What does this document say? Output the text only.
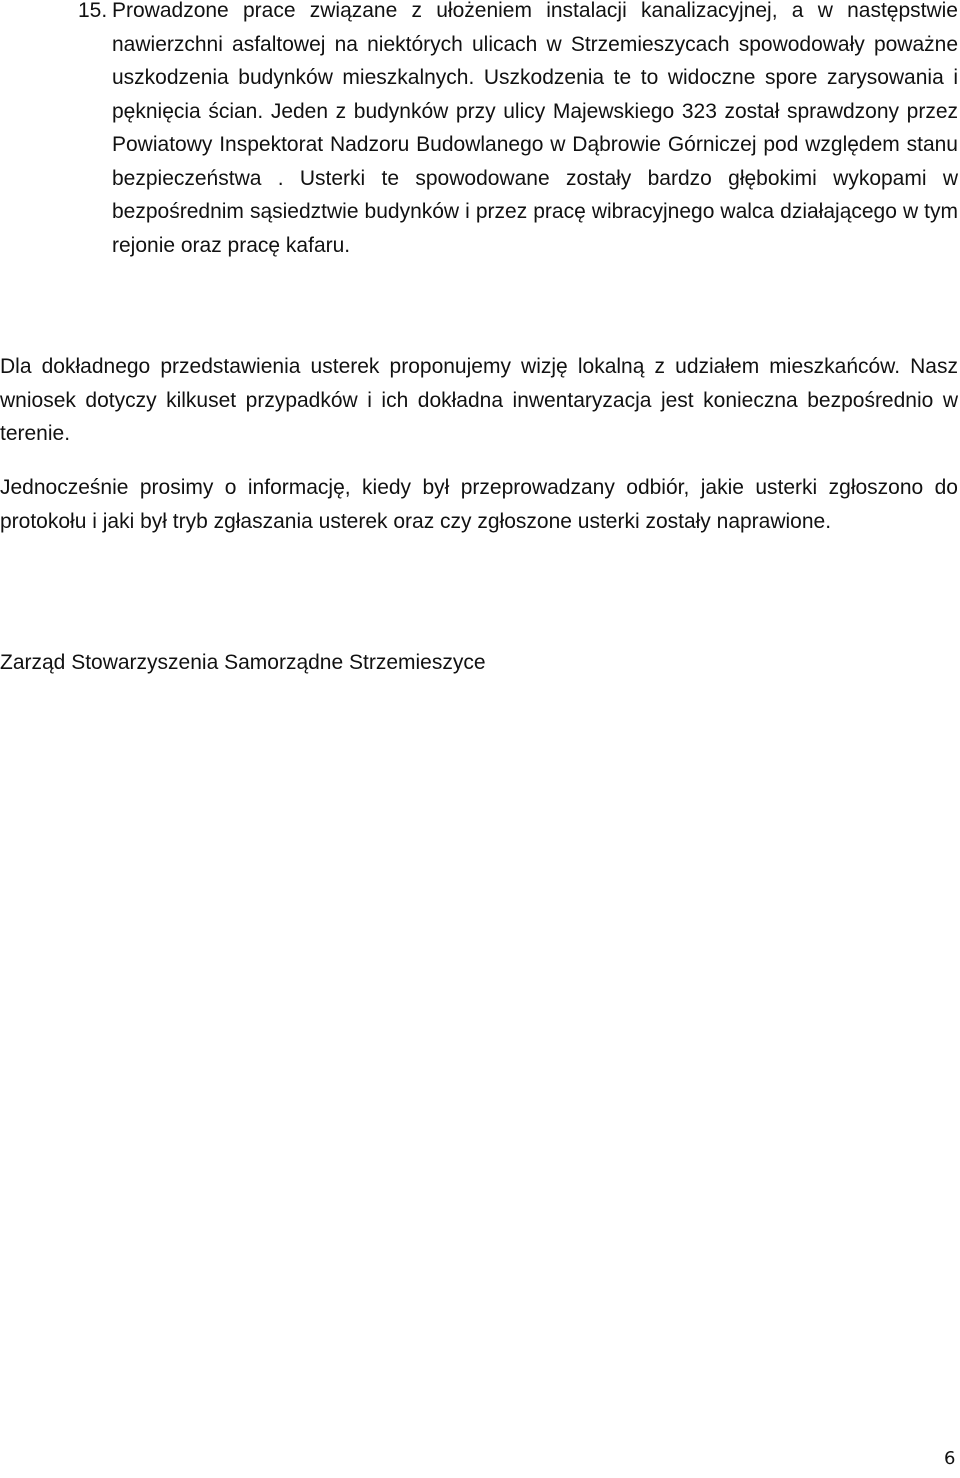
15. Prowadzone prace związane z ułożeniem instalacji kanalizacyjnej, a w następstwie nawierzchni asfaltowej na niektórych ulicach w Strzemieszycach spowodowały poważne uszkodzenia budynków mieszkalnych. Uszkodzenia te to widoczne spore zarysowania i pęknięcia ścian. Jeden z budynków przy ulicy Majewskiego 323 został sprawdzony przez Powiatowy Inspektorat Nadzoru Budowlanego w Dąbrowie Górniczej pod względem stanu bezpieczeństwa . Usterki te spowodowane zostały bardzo głębokimi wykopami w bezpośrednim sąsiedztwie budynków i przez pracę wibracyjnego walca działającego w tym rejonie oraz pracę kafaru.

Dla dokładnego przedstawienia usterek proponujemy wizję lokalną z udziałem mieszkańców. Nasz wniosek dotyczy kilkuset przypadków i ich dokładna inwentaryzacja jest konieczna bezpośrednio w terenie.

Jednocześnie prosimy o informację, kiedy był przeprowadzany odbiór, jakie usterki zgłoszono do protokołu i jaki był tryb zgłaszania usterek oraz czy zgłoszone usterki zostały naprawione.

Zarząd Stowarzyszenia Samorządne Strzemieszyce

6
